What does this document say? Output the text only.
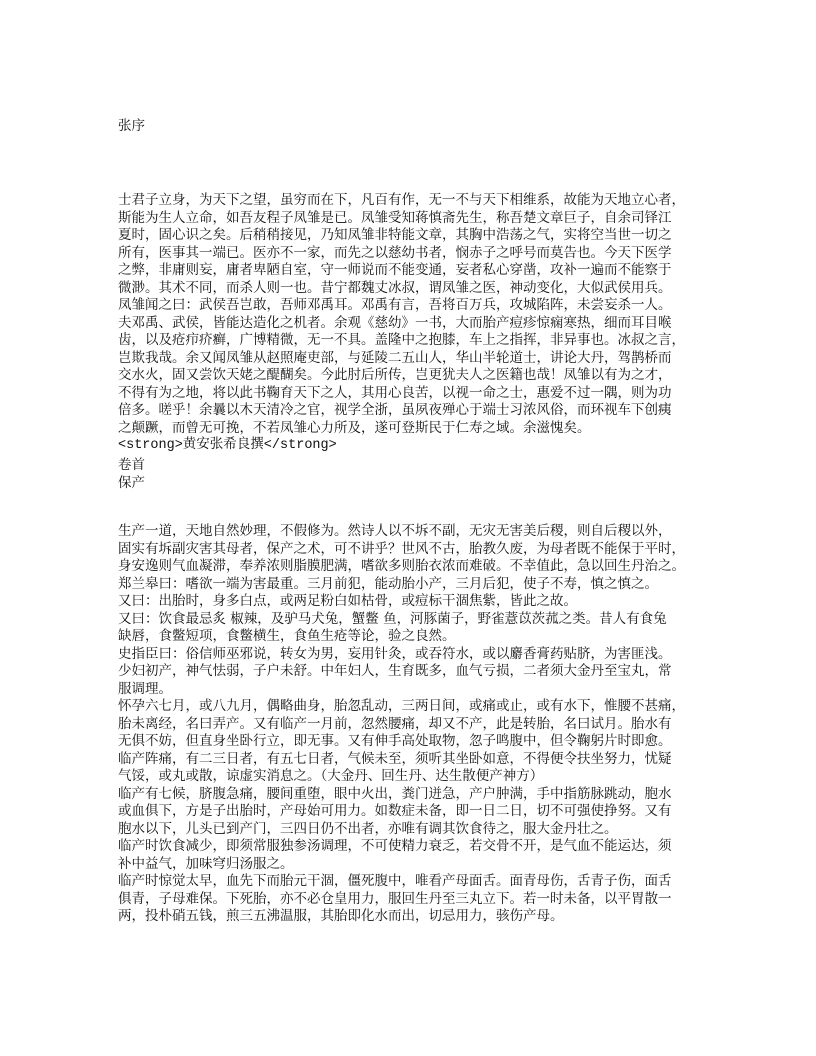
张序
士君子立身，为天下之望，虽穷而在下，凡百有作，无一不与天下相维系，故能为天地立心者，
斯能为生人立命，如吾友程子凤雏是已。凤雏受知蒋慎斋先生，称吾楚文章巨子，自余司铎江
夏时，固心识之矣。后稍稍接见，乃知凤雏非特能文章，其胸中浩荡之气，实将空当世一切之
所有，医事其一端已。医亦不一家，而先之以慈幼书者，悯赤子之呼号而莫告也。今天下医学
之弊，非庸则妄，庸者卑陋自室，守一师说而不能变通，妄者私心穿凿，攻补一遍而不能察于
微渺。其术不同，而杀人则一也。昔宁都魏丈冰叔，谓凤雏之医，神动变化，大似武侯用兵。
凤雏闻之曰：武侯吾岂敢，吾师邓禹耳。邓禹有言，吾将百万兵，攻城陷阵，未尝妄杀一人。
夫邓禹、武侯，皆能达造化之机者。余观《慈幼》一书，大而胎产痘疹惊痫寒热，细而耳目喉
齿，以及疮疖疥癣，广博精微，无一不具。盖隆中之抱膝，车上之指挥，非异事也。冰叔之言，
岂欺我哉。余又闻凤雏从赵照庵吏部，与延陵二五山人，华山半轮道士，讲论大丹，驾鹊桥而
交水火，固又尝饮天姥之醍醐矣。今此肘后所传，岂更犹夫人之医籍也哉！凤雏以有为之才，
不得有为之地，将以此书鞠育天下之人，其用心良苦，以视一命之士，惠爱不过一隅，则为功
倍多。嗟乎！余曩以木天清冷之官，视学全浙，虽夙夜殚心于端士习浓风俗，而环视车下创痍
之颠蹶，而曾无可挽，不若凤雏心力所及，遂可登斯民于仁寿之域。余滋愧矣。
<strong>黄安张希良撰</strong>
卷首
保产
生产一道，天地自然妙理，不假修为。然诗人以不坼不副，无灾无害美后稷，则自后稷以外，
固实有坼副灾害其母者，保产之术，可不讲乎？世风不古，胎教久废，为母者既不能保于平时，
身安逸则气血凝滞，奉养浓则脂膜肥满，嗜欲多则胎衣浓而难破。不幸值此，急以回生丹治之。
郑兰皋曰：嗜欲一端为害最重。三月前犯，能动胎小产，三月后犯，使子不寿，慎之慎之。
又曰：出胎时，身多白点，或两足粉白如枯骨，或痘标干涸焦紫，皆此之故。
又曰：饮食最忌炙 椒辣，及驴马犬兔，蟹鳖 鱼，河豚菌子，野雀薏苡茨菰之类。昔人有食兔
缺唇，食鳖短项，食鳖横生，食鱼生疮等论，验之良然。
史指臣曰：俗信师巫邪说，转女为男，妄用针灸，或吞符水，或以麝香膏药贴脐，为害匪浅。
少妇初产，神气怯弱，子户未舒。中年妇人，生育既多，血气亏损，二者须大金丹至宝丸，常
服调理。
怀孕六七月，或八九月，偶略曲身，胎忽乱动，三两日间，或痛或止，或有水下，惟腰不甚痛，
胎未离经，名曰弄产。又有临产一月前，忽然腰痛，却又不产，此是转胎，名曰试月。胎水有
无俱不妨，但直身坐卧行立，即无事。又有伸手高处取物，忽子鸣腹中，但令鞠躬片时即愈。
临产阵痛，有二三日者，有五七日者，气候未至，须听其坐卧如意，不得便令扶坐努力，忧疑
气馁，或丸或散，谅虚实消息之。（大金丹、回生丹、达生散便产神方）
临产有七候，脐腹急痛，腰间重堕，眼中火出，粪门迸急，产户肿满，手中指筋脉跳动，胞水
或血俱下，方是子出胎时，产母始可用力。如数症未备，即一日二日，切不可强使挣努。又有
胞水以下，儿头已到产门，三四日仍不出者，亦唯有调其饮食待之，服大金丹壮之。
临产时饮食减少，即须常服独参汤调理，不可使精力衰乏，若交骨不开，是气血不能运达，须
补中益气，加味穹归汤服之。
临产时惊觉太早，血先下而胎元干涸，僵死腹中，唯看产母面舌。面青母伤，舌青子伤，面舌
俱青，子母难保。下死胎，亦不必仓皇用力，服回生丹至三丸立下。若一时未备，以平胃散一
两，投朴硝五钱，煎三五沸温服，其胎即化水而出，切忌用力，骇伤产母。
